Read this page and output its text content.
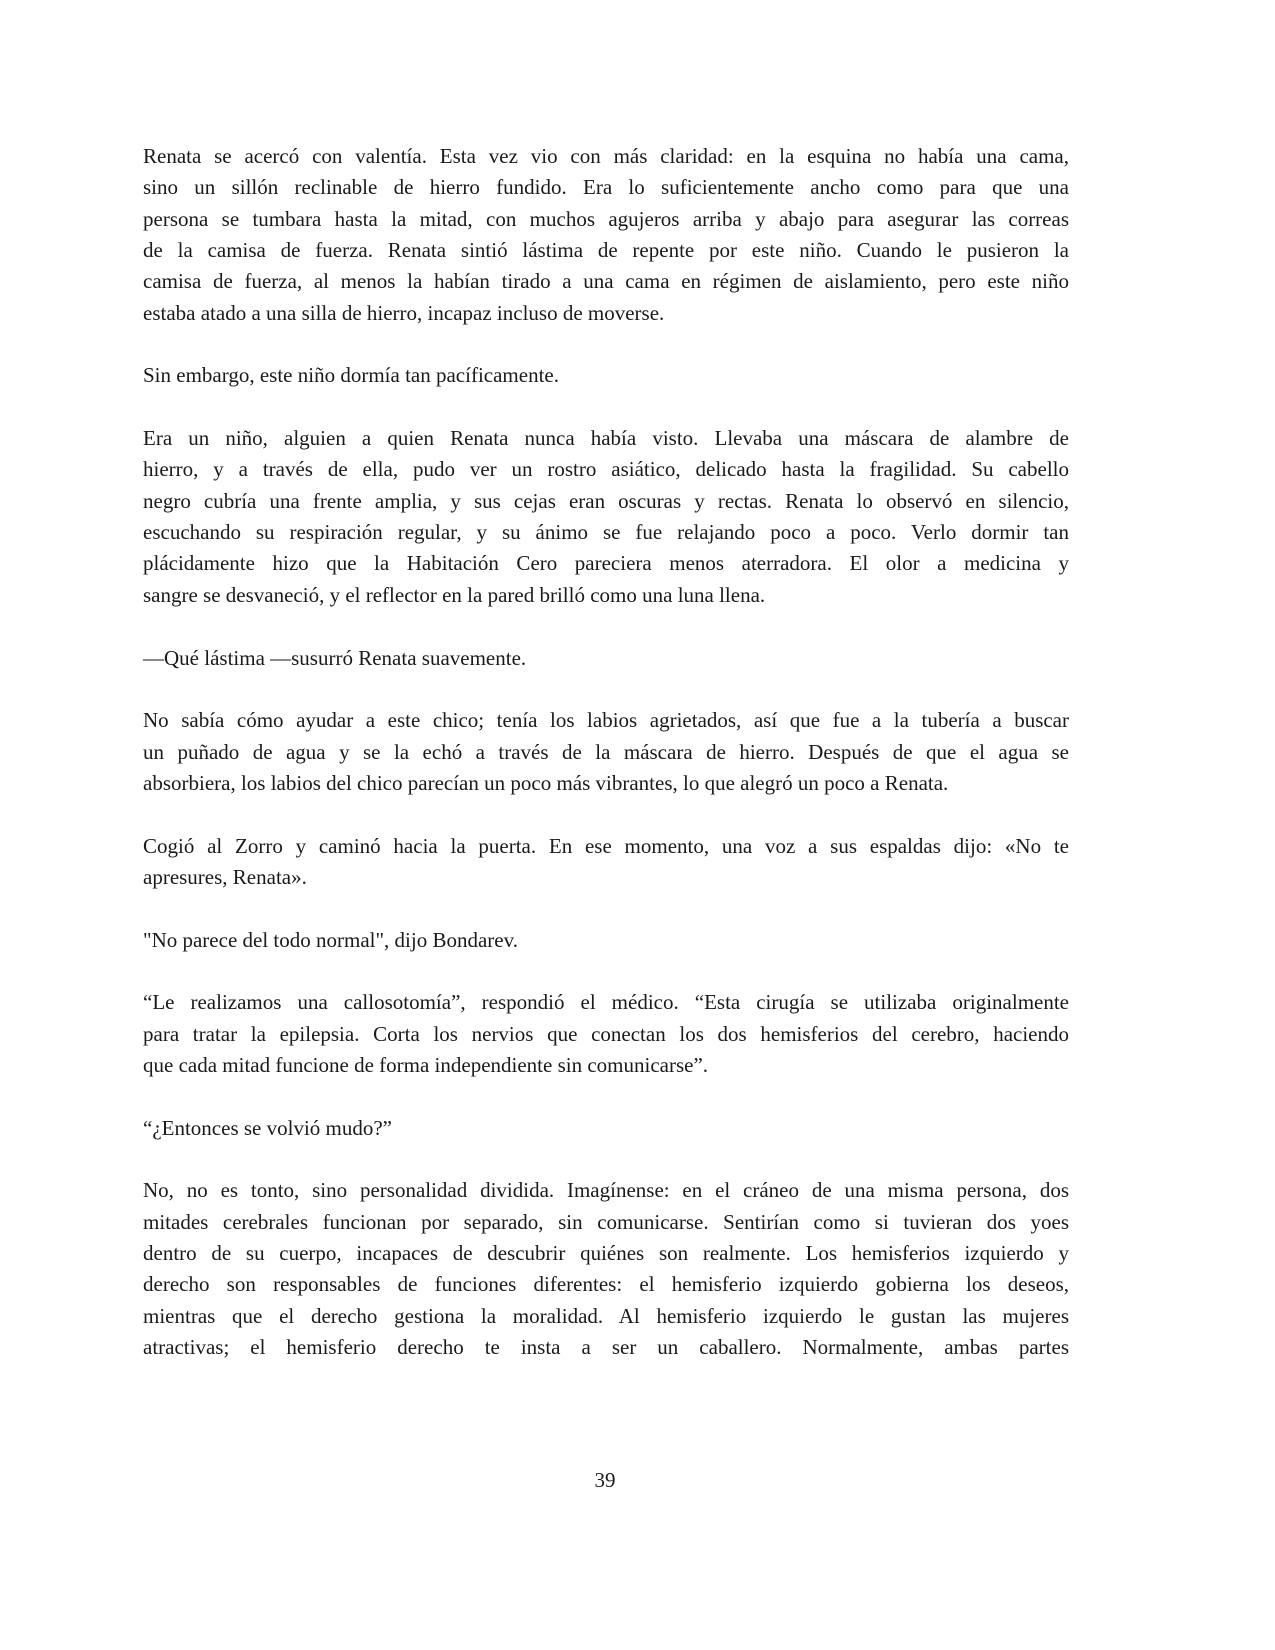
Renata se acercó con valentía. Esta vez vio con más claridad: en la esquina no había una cama,
sino un sillón reclinable de hierro fundido. Era lo suficientemente ancho como para que una
persona se tumbara hasta la mitad, con muchos agujeros arriba y abajo para asegurar las correas
de la camisa de fuerza. Renata sintió lástima de repente por este niño. Cuando le pusieron la
camisa de fuerza, al menos la habían tirado a una cama en régimen de aislamiento, pero este niño
estaba atado a una silla de hierro, incapaz incluso de moverse.
Sin embargo, este niño dormía tan pacíficamente.
Era un niño, alguien a quien Renata nunca había visto. Llevaba una máscara de alambre de
hierro, y a través de ella, pudo ver un rostro asiático, delicado hasta la fragilidad. Su cabello
negro cubría una frente amplia, y sus cejas eran oscuras y rectas. Renata lo observó en silencio,
escuchando su respiración regular, y su ánimo se fue relajando poco a poco. Verlo dormir tan
plácidamente hizo que la Habitación Cero pareciera menos aterradora. El olor a medicina y
sangre se desvaneció, y el reflector en la pared brilló como una luna llena.
—Qué lástima —susurró Renata suavemente.
No sabía cómo ayudar a este chico; tenía los labios agrietados, así que fue a la tubería a buscar
un puñado de agua y se la echó a través de la máscara de hierro. Después de que el agua se
absorbiera, los labios del chico parecían un poco más vibrantes, lo que alegró un poco a Renata.
Cogió al Zorro y caminó hacia la puerta. En ese momento, una voz a sus espaldas dijo: «No te
apresures, Renata».
"No parece del todo normal", dijo Bondarev.
“Le realizamos una callosotomía”, respondió el médico. “Esta cirugía se utilizaba originalmente
para tratar la epilepsia. Corta los nervios que conectan los dos hemisferios del cerebro, haciendo
que cada mitad funcione de forma independiente sin comunicarse”.
“¿Entonces se volvió mudo?”
No, no es tonto, sino personalidad dividida. Imagínense: en el cráneo de una misma persona, dos
mitades cerebrales funcionan por separado, sin comunicarse. Sentirían como si tuvieran dos yoes
dentro de su cuerpo, incapaces de descubrir quiénes son realmente. Los hemisferios izquierdo y
derecho son responsables de funciones diferentes: el hemisferio izquierdo gobierna los deseos,
mientras que el derecho gestiona la moralidad. Al hemisferio izquierdo le gustan las mujeres
atractivas; el hemisferio derecho te insta a ser un caballero. Normalmente, ambas partes
39
